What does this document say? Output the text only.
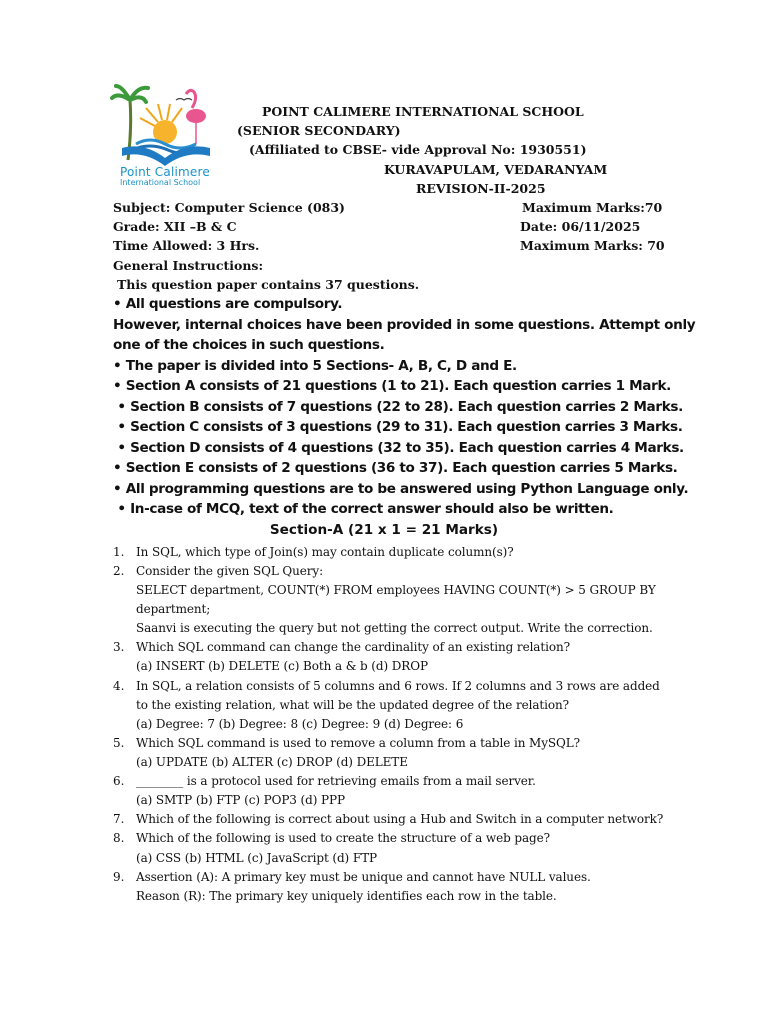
Point Calimere
International School
POINT CALIMERE INTERNATIONAL SCHOOL
(SENIOR SECONDARY)
(Affiliated to CBSE- vide Approval No: 1930551)
KURAVAPULAM, VEDARANYAM
REVISION-II-2025
Subject: Computer Science (083)	Maximum Marks:70
Grade: XII –B & C	Date: 06/11/2025
Time Allowed: 3 Hrs.	Maximum Marks: 70
General Instructions:
This question paper contains 37 questions.
• All questions are compulsory.
However, internal choices have been provided in some questions. Attempt only
one of the choices in such questions.
• The paper is divided into 5 Sections- A, B, C, D and E.
• Section A consists of 21 questions (1 to 21). Each question carries 1 Mark.
• Section B consists of 7 questions (22 to 28). Each question carries 2 Marks.
• Section C consists of 3 questions (29 to 31). Each question carries 3 Marks.
• Section D consists of 4 questions (32 to 35). Each question carries 4 Marks.
• Section E consists of 2 questions (36 to 37). Each question carries 5 Marks.
• All programming questions are to be answered using Python Language only.
• In-case of MCQ, text of the correct answer should also be written.
Section-A (21 x 1 = 21 Marks)
1. In SQL, which type of Join(s) may contain duplicate column(s)?
2. Consider the given SQL Query:
SELECT department, COUNT(*) FROM employees HAVING COUNT(*) > 5 GROUP BY
department;
Saanvi is executing the query but not getting the correct output. Write the correction.
3. Which SQL command can change the cardinality of an existing relation?
(a) INSERT (b) DELETE (c) Both a & b (d) DROP
4. In SQL, a relation consists of 5 columns and 6 rows. If 2 columns and 3 rows are added
to the existing relation, what will be the updated degree of the relation?
(a) Degree: 7 (b) Degree: 8 (c) Degree: 9 (d) Degree: 6
5. Which SQL command is used to remove a column from a table in MySQL?
(a) UPDATE (b) ALTER (c) DROP (d) DELETE
6. ________ is a protocol used for retrieving emails from a mail server.
(a) SMTP (b) FTP (c) POP3 (d) PPP
7. Which of the following is correct about using a Hub and Switch in a computer network?
8. Which of the following is used to create the structure of a web page?
(a) CSS (b) HTML (c) JavaScript (d) FTP
9. Assertion (A): A primary key must be unique and cannot have NULL values.
Reason (R): The primary key uniquely identifies each row in the table.
